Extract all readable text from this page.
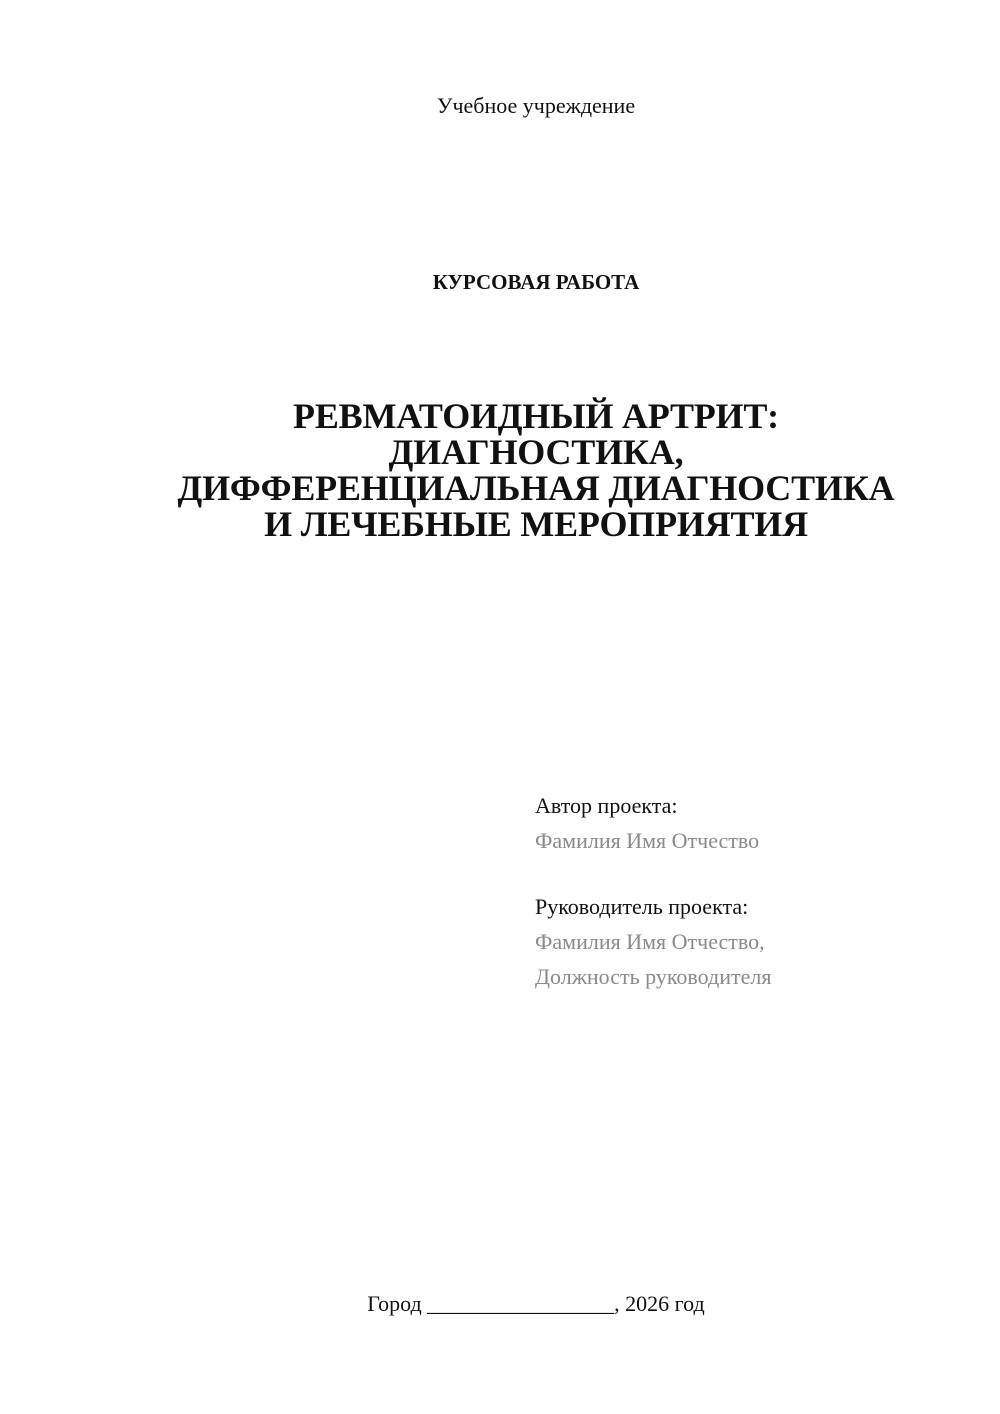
Учебное учреждение
КУРСОВАЯ РАБОТА
РЕВМАТОИДНЫЙ АРТРИТ:
ДИАГНОСТИКА,
ДИФФЕРЕНЦИАЛЬНАЯ ДИАГНОСТИКА
И ЛЕЧЕБНЫЕ МЕРОПРИЯТИЯ
Автор проекта:
Фамилия Имя Отчество
Руководитель проекта:
Фамилия Имя Отчество,
Должность руководителя
Город _________________, 2026 год
